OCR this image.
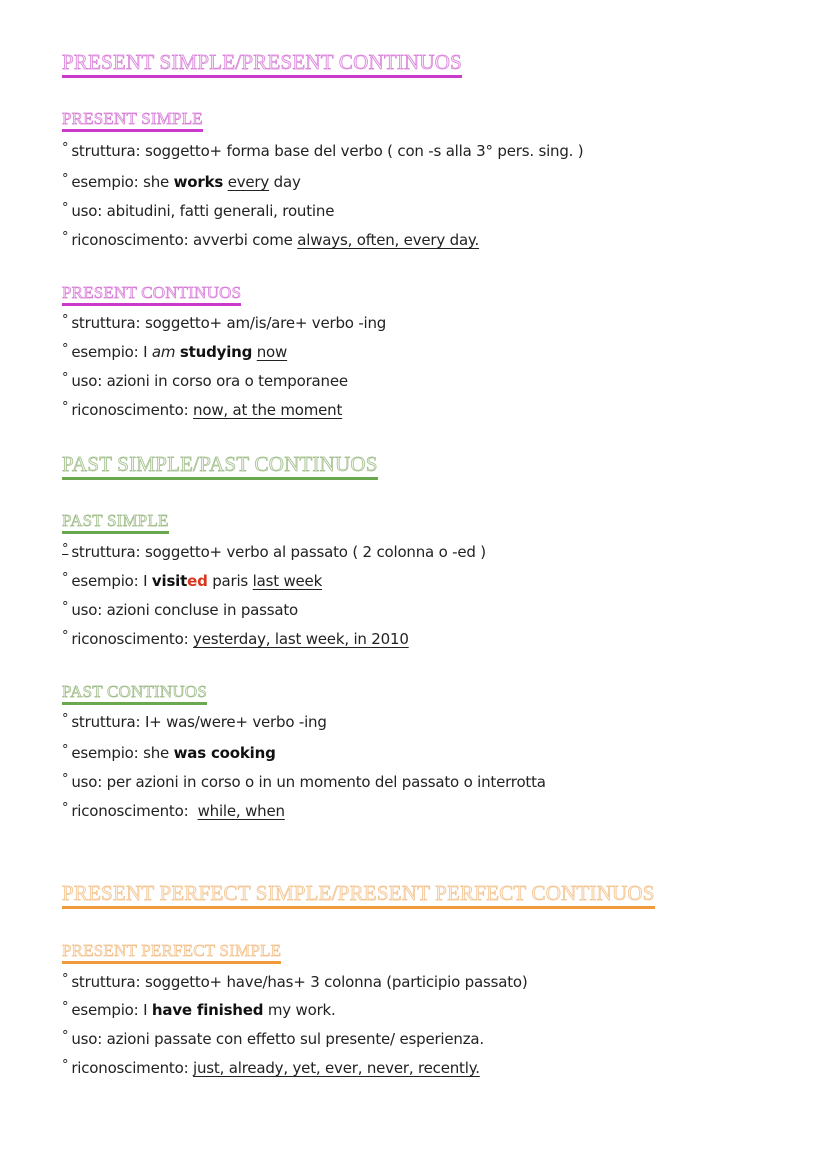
PRESENT SIMPLE/PRESENT CONTINUOS
PRESENT SIMPLE

° struttura: soggetto+ forma base del verbo ( con -s alla 3° pers. sing. )

° esempio: she works every day

° uso: abitudini, fatti generali, routine

° riconoscimento: avverbi come always, often, every day.

PRESENT CONTINUOS

° struttura: soggetto+ am/is/are+ verbo -ing

° esempio: I am studying now

° uso: azioni in corso ora o temporanee

° riconoscimento: now, at the moment

PAST SIMPLE/PAST CONTINUOS
PAST SIMPLE

° struttura: soggetto+ verbo al passato ( 2 colonna o -ed )

° esempio: I visited paris last week

° uso: azioni concluse in passato

° riconoscimento: yesterday, last week, in 2010

PAST CONTINUOS

° struttura: I+ was/were+ verbo -ing

° esempio: she was cooking

° uso: per azioni in corso o in un momento del passato o interrotta

° riconoscimento: while, when

PRESENT PERFECT SIMPLE/PRESENT PERFECT CONTINUOS
PRESENT PERFECT SIMPLE

° struttura: soggetto+ have/has+ 3 colonna (participio passato)

° esempio: I have finished my work.

° uso: azioni passate con effetto sul presente/ esperienza.

° riconoscimento: just, already, yet, ever, never, recently.
